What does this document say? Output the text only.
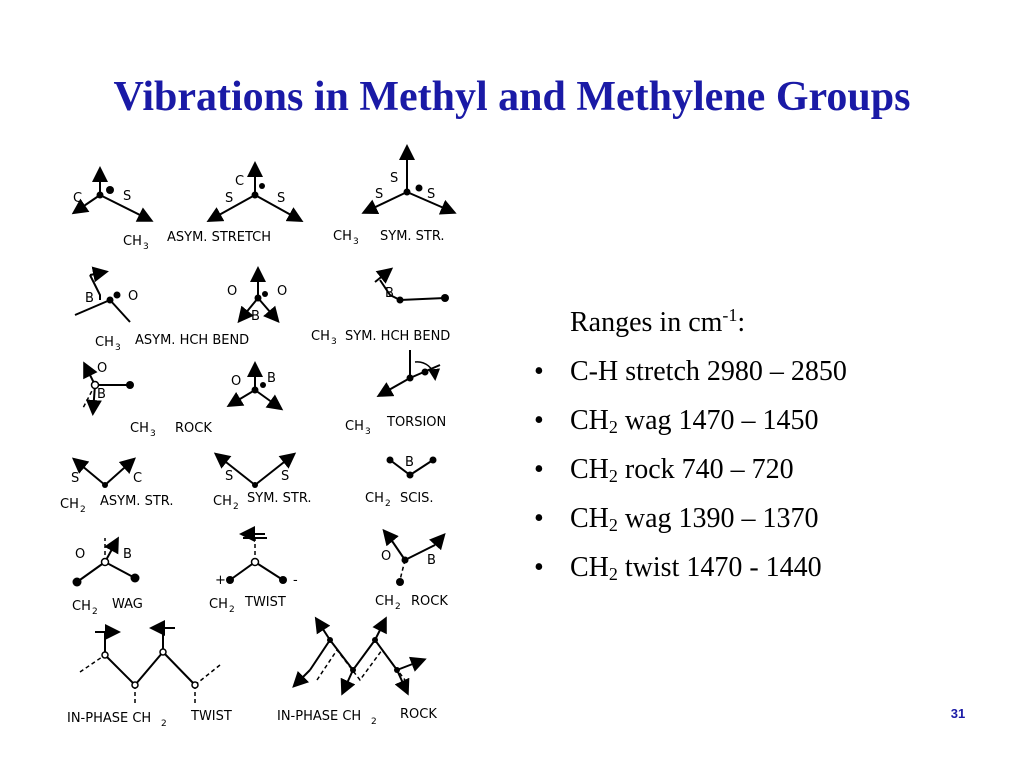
Vibrations in Methyl and Methylene Groups
C	S
C
S	S
S
S	S
CH 3
ASYM. STRETCH	CH 3 SYM. STR.
B	O	O	O
B
B
CH 3 ASYM. HCH BEND	CH 3 SYM. HCH BEND
O
B
O B
CH 3 ROCK	CH 3
TORSION
S	C	S	S
B
CH 2
ASYM. STR.	CH 2
SYM. STR.	CH 2 SCIS.
O	B
+	-
O	B
CH 2 WAG	CH 2 TWIST	CH 2 ROCK
IN-PHASE CH 2 TWIST	IN-PHASE CH 2 ROCK
Ranges in $cm^{-1}$:
• C-H stretch 2980 – 2850
• $CH_2$ wag 1470 – 1450
• $CH_2$ rock 740 – 720
• $CH_2$ wag 1390 – 1370
• $CH_2$ twist 1470 - 1440
31
